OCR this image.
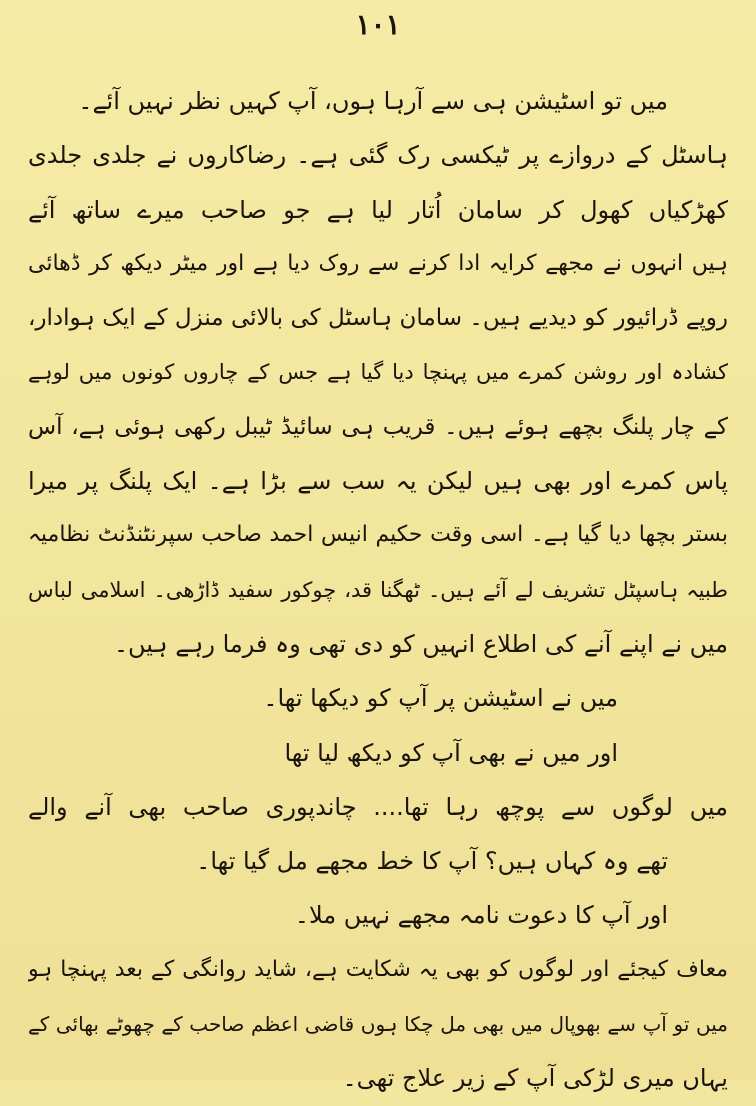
۱۰۱
میں تو اسٹیشن ہی سے آرہا ہوں، آپ کہیں نظر نہیں آئے۔
ہاسٹل کے دروازے پر ٹیکسی رک گئی ہے۔ رضاکاروں نے جلدی جلدی
کھڑکیاں کھول کر سامان اُتار لیا ہے جو صاحب میرے ساتھ آئے
ہیں انہوں نے مجھے کرایہ ادا کرنے سے روک دیا ہے اور میٹر دیکھ کر ڈھائی
روپے ڈرائیور کو دیدیے ہیں۔ سامان ہاسٹل کی بالائی منزل کے ایک ہوادار،
کشادہ اور روشن کمرے میں پہنچا دیا گیا ہے جس کے چاروں کونوں میں لوہے
کے چار پلنگ بچھے ہوئے ہیں۔ قریب ہی سائیڈ ٹیبل رکھی ہوئی ہے، آس
پاس کمرے اور بھی ہیں لیکن یہ سب سے بڑا ہے۔ ایک پلنگ پر میرا
بستر بچھا دیا گیا ہے۔ اسی وقت حکیم انیس احمد صاحب سپرنٹنڈنٹ نظامیہ
طبیہ ہاسپٹل تشریف لے آئے ہیں۔ ٹھگنا قد، چوکور سفید ڈاڑھی۔ اسلامی لباس
میں نے اپنے آنے کی اطلاع انہیں کو دی تھی وہ فرما رہے ہیں۔
میں نے اسٹیشن پر آپ کو دیکھا تھا۔
اور میں نے بھی آپ کو دیکھ لیا تھا
میں لوگوں سے پوچھ رہا تھا.... چاندپوری صاحب بھی آنے والے
تھے وہ کہاں ہیں؟ آپ کا خط مجھے مل گیا تھا۔
اور آپ کا دعوت نامہ مجھے نہیں ملا۔
معاف کیجئے اور لوگوں کو بھی یہ شکایت ہے، شاید روانگی کے بعد پہنچا ہو
میں تو آپ سے بھوپال میں بھی مل چکا ہوں قاضی اعظم صاحب کے چھوٹے بھائی کے
یہاں میری لڑکی آپ کے زیر علاج تھی۔
